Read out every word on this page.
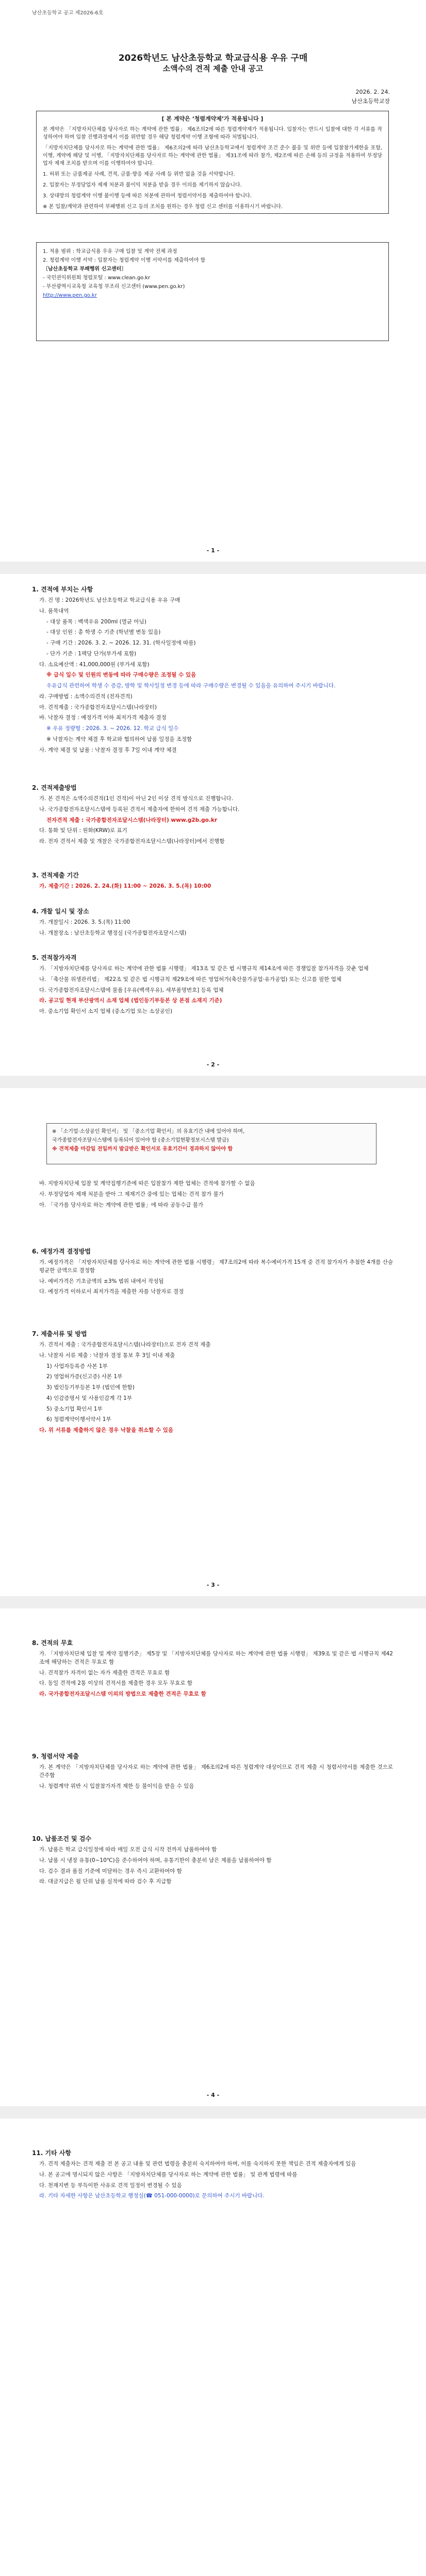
남산초등학교 공고 제2026-6호
2026학년도 남산초등학교 학교급식용 우유 구매
소액수의 견적 제출 안내 공고
2026. 2. 24.
남산초등학교장
[ 본 계약은 ‘청렴계약제’가 적용됩니다 ]

본 계약은 「지방자치단체를 당사자로 하는 계약에 관한 법률」 제6조의2에 따른 청렴계약제가 적용됩니다. 입찰자는 반드시 입찰에 대한 각 서류를 작성하여야 하며 입찰 진행과정에서 이를 위반할 경우 해당 청렴계약 이행 조항에 따라 처벌됩니다.

「지방자치단체를 당사자로 하는 계약에 관한 법률」 제6조의2에 따라 남산초등학교에서 청렴계약 조건 준수 불응 및 위반 등에 입찰참가제한을 포함, 이행, 계약에 해당 및 이행, 「지방자치단체를 당사자로 하는 계약에 관한 법률」 제31조에 따라 참가, 제2조에 따른 손해 등의 규정을 적용하여 부정당업자 제재 조치를 받으며 이를 이행하여야 합니다.

1. 허위 또는 금품제공 사례, 견적, 금품·향응 제공 사례 등 위반 없을 것을 서약합니다.

2. 입찰자는 부정당업자 제재 처분과 불이익 처분을 받을 경우 이의를 제기하지 않습니다.

3. 상대방의 청렴계약 이행 불이행 등에 따른 처분에 관하여 청렴서약서를 제출하여야 합니다.

※ 본 입찰/계약과 관련하여 부패행위 신고 등의 조치를 원하는 경우 청렴 신고 센터를 이용하시기 바랍니다.

1. 적용 범위 : 학교급식용 우유 구매 입찰 및 계약 전체 과정

2. 청렴계약 이행 서약 : 입찰자는 청렴계약 이행 서약서를 제출하여야 함

〔남산초등학교 부패행위 신고센터〕

- 국민권익위원회 청렴포털 : www.clean.go.kr

- 부산광역시교육청 교육청 부조리 신고센터 (www.pen.go.kr)

http://www.pen.go.kr

- 1 -
1. 견적에 부치는 사항

가. 건 명 : 2026학년도 남산초등학교 학교급식용 우유 구매

나. 품목내역

- 대상 품목 : 백색우유 200ml (멸균 아님)

- 대상 인원 : 총 학생 수 기준 (학년별 변동 있음)

- 구매 기간 : 2026. 3. 2. ~ 2026. 12. 31. (학사일정에 따름)

- 단가 기준 : 1팩당 단가(부가세 포함)

다. 소요예산액 : 41,000,000원 (부가세 포함)

※ 급식 일수 및 인원의 변동에 따라 구매수량은 조정될 수 있음

우유급식 관련하여 학생 수 증감, 방학 및 학사일정 변경 등에 따라 구매수량은 변경될 수 있음을 유의하여 주시기 바랍니다.

라. 구매방법 : 소액수의견적 (전자견적)

마. 견적제출 : 국가종합전자조달시스템(나라장터)

바. 낙찰자 결정 : 예정가격 이하 최저가격 제출자 결정

※ 우유 정량형 : 2026. 3. ~ 2026. 12. 학교 급식 일수

※ 낙찰자는 계약 체결 후 학교와 협의하여 납품 일정을 조정함

사. 계약 체결 및 납품 : 낙찰자 결정 후 7일 이내 계약 체결

2. 견적제출방법

가. 본 견적은 소액수의견적(1인 견적)이 아닌 2인 이상 견적 방식으로 진행합니다.

나. 국가종합전자조달시스템에 등록된 견적서 제출자에 한하여 견적 제출 가능합니다.

전자견적 제출 : 국가종합전자조달시스템(나라장터) www.g2b.go.kr

다. 통화 및 단위 : 원화(KRW)로 표기

라. 전자 견적서 제출 및 개찰은 국가종합전자조달시스템(나라장터)에서 진행함

3. 견적제출 기간

가. 제출기간 : 2026. 2. 24.(화) 11:00 ~ 2026. 3. 5.(목) 10:00

4. 개찰 일시 및 장소

가. 개찰일시 : 2026. 3. 5.(목) 11:00

나. 개찰장소 : 남산초등학교 행정실 (국가종합전자조달시스템)

5. 견적참가자격

가. 「지방자치단체를 당사자로 하는 계약에 관한 법률 시행령」 제13조 및 같은 법 시행규칙 제14조에 따른 경쟁입찰 참가자격을 갖춘 업체

나. 「축산물 위생관리법」 제22조 및 같은 법 시행규칙 제29조에 따른 영업허가(축산물가공업·유가공업) 또는 신고를 필한 업체

다. 국가종합전자조달시스템에 물품 [우유(백색우유), 세부품명번호] 등록 업체

라. 공고일 현재 부산광역시 소재 업체 (법인등기부등본 상 본점 소재지 기준)

마. 중소기업 확인서 소지 업체 (중소기업 또는 소상공인)

- 2 -

※ 「소기업·소상공인 확인서」 및 「중소기업 확인서」의 유효기간 내에 있어야 하며,

국가종합전자조달시스템에 등록되어 있어야 함 (중소기업현황정보시스템 발급)

※ 견적제출 마감일 전일까지 발급받은 확인서로 유효기간이 경과하지 않아야 함

바. 지방자치단체 입찰 및 계약집행기준에 따른 입찰참가 제한 업체는 견적에 참가할 수 없음

사. 부정당업자 제재 처분을 받아 그 제재기간 중에 있는 업체는 견적 참가 불가

아. 「국가를 당사자로 하는 계약에 관한 법률」에 따라 공동수급 불가

6. 예정가격 결정방법

가. 예정가격은 「지방자치단체를 당사자로 하는 계약에 관한 법률 시행령」 제7조의2에 따라 복수예비가격 15개 중 견적 참가자가 추첨한 4개를 산술평균한 금액으로 결정함

나. 예비가격은 기초금액의 ±3% 범위 내에서 작성됨

다. 예정가격 이하로서 최저가격을 제출한 자를 낙찰자로 결정

7. 제출서류 및 방법

가. 견적서 제출 : 국가종합전자조달시스템(나라장터)으로 전자 견적 제출

나. 낙찰자 서류 제출 : 낙찰자 결정 통보 후 3일 이내 제출

1) 사업자등록증 사본 1부

2) 영업허가증(신고증) 사본 1부

3) 법인등기부등본 1부 (법인에 한함)

4) 인감증명서 및 사용인감계 각 1부

5) 중소기업 확인서 1부

6) 청렴계약이행서약서 1부

다. 위 서류를 제출하지 않은 경우 낙찰을 취소할 수 있음

- 3 -
8. 견적의 무효

가. 「지방자치단체 입찰 및 계약 집행기준」 제5장 및 「지방자치단체를 당사자로 하는 계약에 관한 법률 시행령」 제39조 및 같은 법 시행규칙 제42조에 해당하는 견적은 무효로 함

나. 견적참가 자격이 없는 자가 제출한 견적은 무효로 함

다. 동일 견적에 2통 이상의 견적서를 제출한 경우 모두 무효로 함

라. 국가종합전자조달시스템 이외의 방법으로 제출한 견적은 무효로 함

9. 청렴서약 제출

가. 본 계약은 「지방자치단체를 당사자로 하는 계약에 관한 법률」 제6조의2에 따른 청렴계약 대상이므로 견적 제출 시 청렴서약서를 제출한 것으로 간주함

나. 청렴계약 위반 시 입찰참가자격 제한 등 불이익을 받을 수 있음

10. 납품조건 및 검수

가. 납품은 학교 급식일정에 따라 매일 오전 급식 시작 전까지 납품하여야 함

나. 납품 시 냉장 유통(0~10℃)을 준수하여야 하며, 유통기한이 충분히 남은 제품을 납품하여야 함

다. 검수 결과 품질 기준에 미달하는 경우 즉시 교환하여야 함

라. 대금지급은 월 단위 납품 실적에 따라 검수 후 지급함

- 4 -
11. 기타 사항

가. 견적 제출자는 견적 제출 전 본 공고 내용 및 관련 법령을 충분히 숙지하여야 하며, 이를 숙지하지 못한 책임은 견적 제출자에게 있음

나. 본 공고에 명시되지 않은 사항은 「지방자치단체를 당사자로 하는 계약에 관한 법률」 및 관계 법령에 따름

다. 천재지변 등 부득이한 사유로 견적 일정이 변경될 수 있음

라. 기타 자세한 사항은 남산초등학교 행정실(☎ 051-000-0000)로 문의하여 주시기 바랍니다.
